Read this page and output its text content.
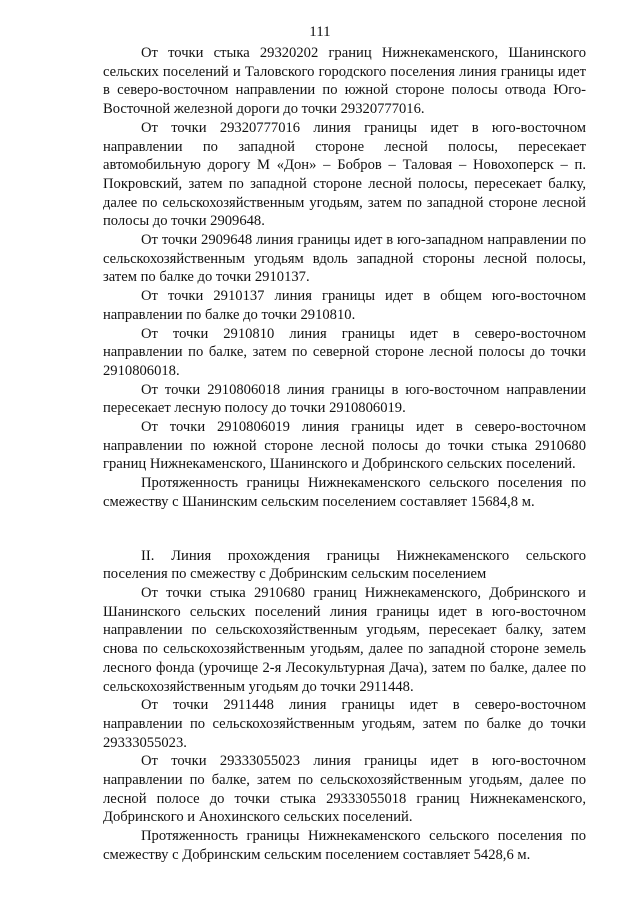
111

От точки стыка 29320202 границ Нижнекаменского, Шанинского сельских поселений и Таловского городского поселения линия границы идет в северо-восточном направлении по южной стороне полосы отвода Юго-Восточной железной дороги до точки 29320777016.

От точки 29320777016 линия границы идет в юго-восточном направлении по западной стороне лесной полосы, пересекает автомобильную дорогу М «Дон» – Бобров – Таловая – Новохоперск – п. Покровский, затем по западной стороне лесной полосы, пересекает балку, далее по сельскохозяйственным угодьям, затем по западной стороне лесной полосы до точки 2909648.

От точки 2909648 линия границы идет в юго-западном направлении по сельскохозяйственным угодьям вдоль западной стороны лесной полосы, затем по балке до точки 2910137.

От точки 2910137 линия границы идет в общем юго-восточном направлении по балке до точки 2910810.

От точки 2910810 линия границы идет в северо-восточном направлении по балке, затем по северной стороне лесной полосы до точки 2910806018.

От точки 2910806018 линия границы в юго-восточном направлении пересекает лесную полосу до точки 2910806019.

От точки 2910806019 линия границы идет в северо-восточном направлении по южной стороне лесной полосы до точки стыка 2910680 границ Нижнекаменского, Шанинского и Добринского сельских поселений.

Протяженность границы Нижнекаменского сельского поселения по смежеству с Шанинским сельским поселением составляет 15684,8 м.

II. Линия прохождения границы Нижнекаменского сельского поселения по смежеству с Добринским сельским поселением

От точки стыка 2910680 границ Нижнекаменского, Добринского и Шанинского сельских поселений линия границы идет в юго-восточном направлении по сельскохозяйственным угодьям, пересекает балку, затем снова по сельскохозяйственным угодьям, далее по западной стороне земель лесного фонда (урочище 2-я Лесокультурная Дача), затем по балке, далее по сельскохозяйственным угодьям до точки 2911448.

От точки 2911448 линия границы идет в северо-восточном направлении по сельскохозяйственным угодьям, затем по балке до точки 29333055023.

От точки 29333055023 линия границы идет в юго-восточном направлении по балке, затем по сельскохозяйственным угодьям, далее по лесной полосе до точки стыка 29333055018 границ Нижнекаменского, Добринского и Анохинского сельских поселений.

Протяженность границы Нижнекаменского сельского поселения по смежеству с Добринским сельским поселением составляет 5428,6 м.
